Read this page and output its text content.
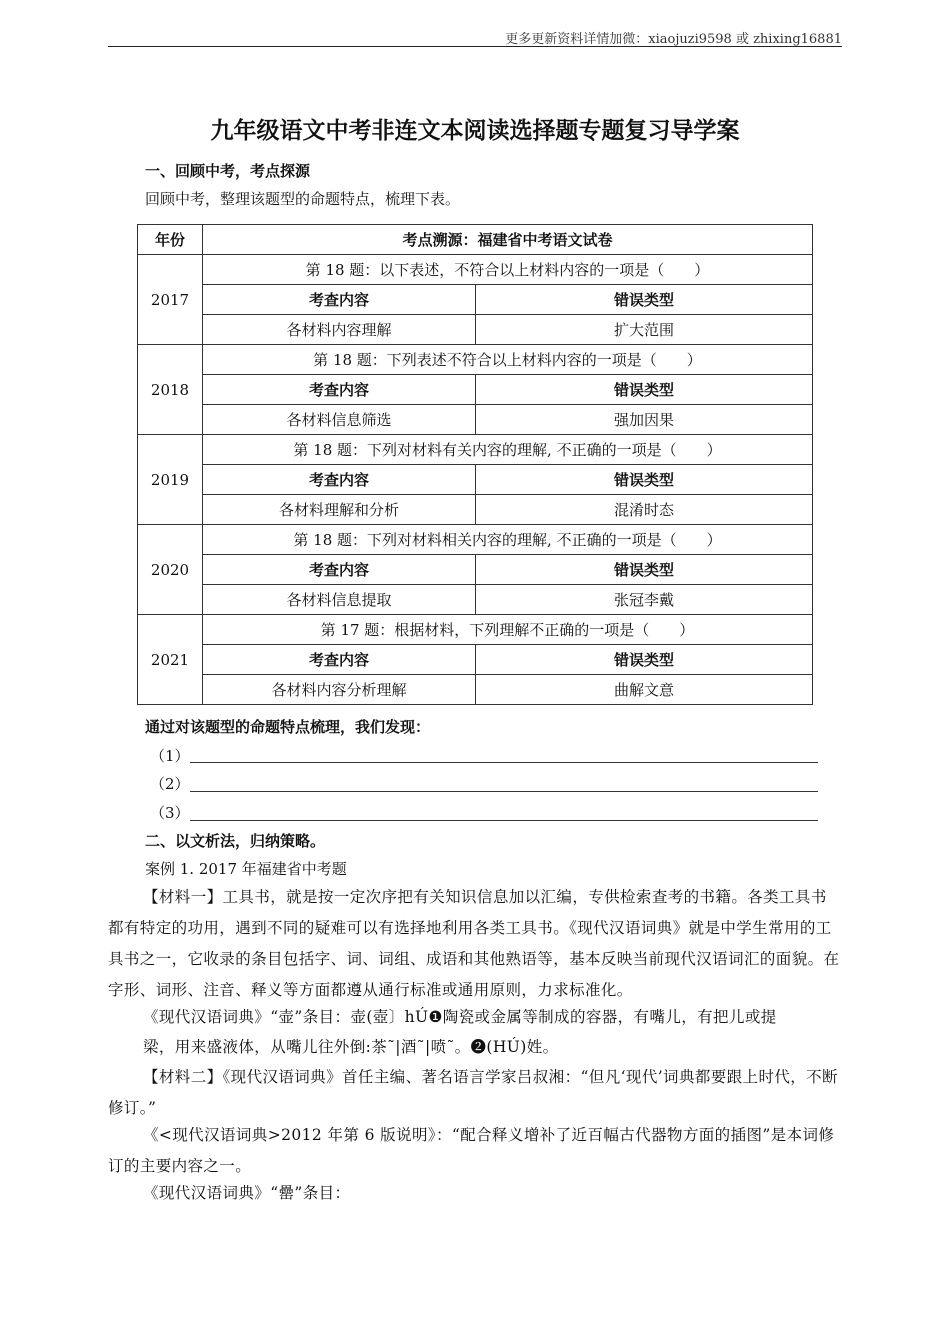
更多更新资料详情加微：xiaojuzi9598 或 zhixing16881
九年级语文中考非连文本阅读选择题专题复习导学案
一、回顾中考，考点探源
回顾中考，整理该题型的命题特点，梳理下表。
年份	考点溯源：福建省中考语文试卷	
2017	第 18 题：以下表述，不符合以上材料内容的一项是（　　）	
	考查内容	错误类型
	各材料内容理解	扩大范围
2018	第 18 题：下列表述不符合以上材料内容的一项是（　　）	
	考查内容	错误类型
	各材料信息筛选	强加因果
2019	第 18 题：下列对材料有关内容的理解, 不正确的一项是（　　）	
	考查内容	错误类型
	各材料理解和分析	混淆时态
2020	第 18 题：下列对材料相关内容的理解, 不正确的一项是（　　）	
	考查内容	错误类型
	各材料信息提取	张冠李戴
2021	第 17 题：根据材料，下列理解不正确的一项是（　　）	
	考查内容	错误类型
	各材料内容分析理解	曲解文意
通过对该题型的命题特点梳理，我们发现：
（1）
（2）
（3）
二、以文析法，归纳策略。
案例 1. 2017 年福建省中考题
【材料一】工具书，就是按一定次序把有关知识信息加以汇编，专供检索查考的书籍。各类工具书都有特定的功用，遇到不同的疑难可以有选择地利用各类工具书。《现代汉语词典》就是中学生常用的工具书之一，它收录的条目包括字、词、词组、成语和其他熟语等，基本反映当前现代汉语词汇的面貌。在字形、词形、注音、释义等方面都遵从通行标准或通用原则，力求标准化。
《现代汉语词典》“壶”条目：壶(壺〕hÚ❶陶瓷或金属等制成的容器，有嘴儿，有把儿或提
梁，用来盛液体，从嘴儿往外倒:茶˜|酒˜|喷˜。❷(HÚ)姓。
【材料二】《现代汉语词典》首任主编、著名语言学家吕叔湘：“但凡‘现代’词典都要跟上时代，不断修订。”
《<现代汉语词典>2012 年第 6 版说明》：“配合释义增补了近百幅古代器物方面的插图”是本词修订的主要内容之一。
《现代汉语词典》“罍”条目：
